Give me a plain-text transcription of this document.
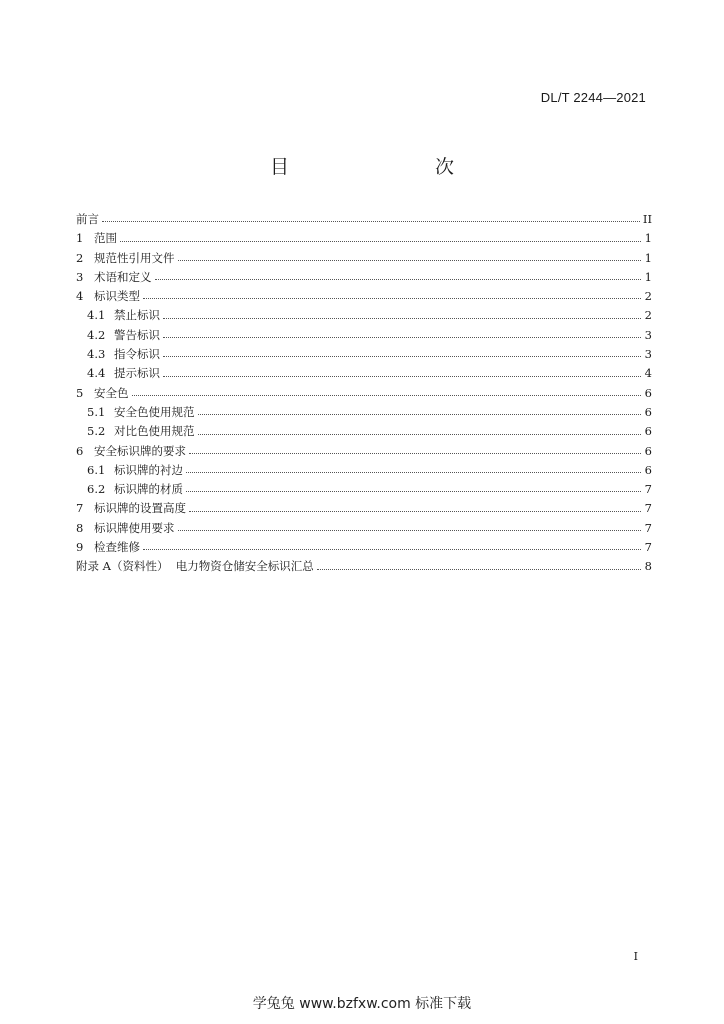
DL/T 2244—2021
目　　次
前言	II
1 范围	1
2 规范性引用文件	1
3 术语和定义	1
4 标识类型	2
4.1 禁止标识	2
4.2 警告标识	3
4.3 指令标识	3
4.4 提示标识	4
5 安全色	6
5.1 安全色使用规范	6
5.2 对比色使用规范	6
6 安全标识牌的要求	6
6.1 标识牌的衬边	6
6.2 标识牌的材质	7
7 标识牌的设置高度	7
8 标识牌使用要求	7
9 检查维修	7
附录 A（资料性）  电力物资仓储安全标识汇总	8
I
学兔兔 www.bzfxw.com 标准下载
